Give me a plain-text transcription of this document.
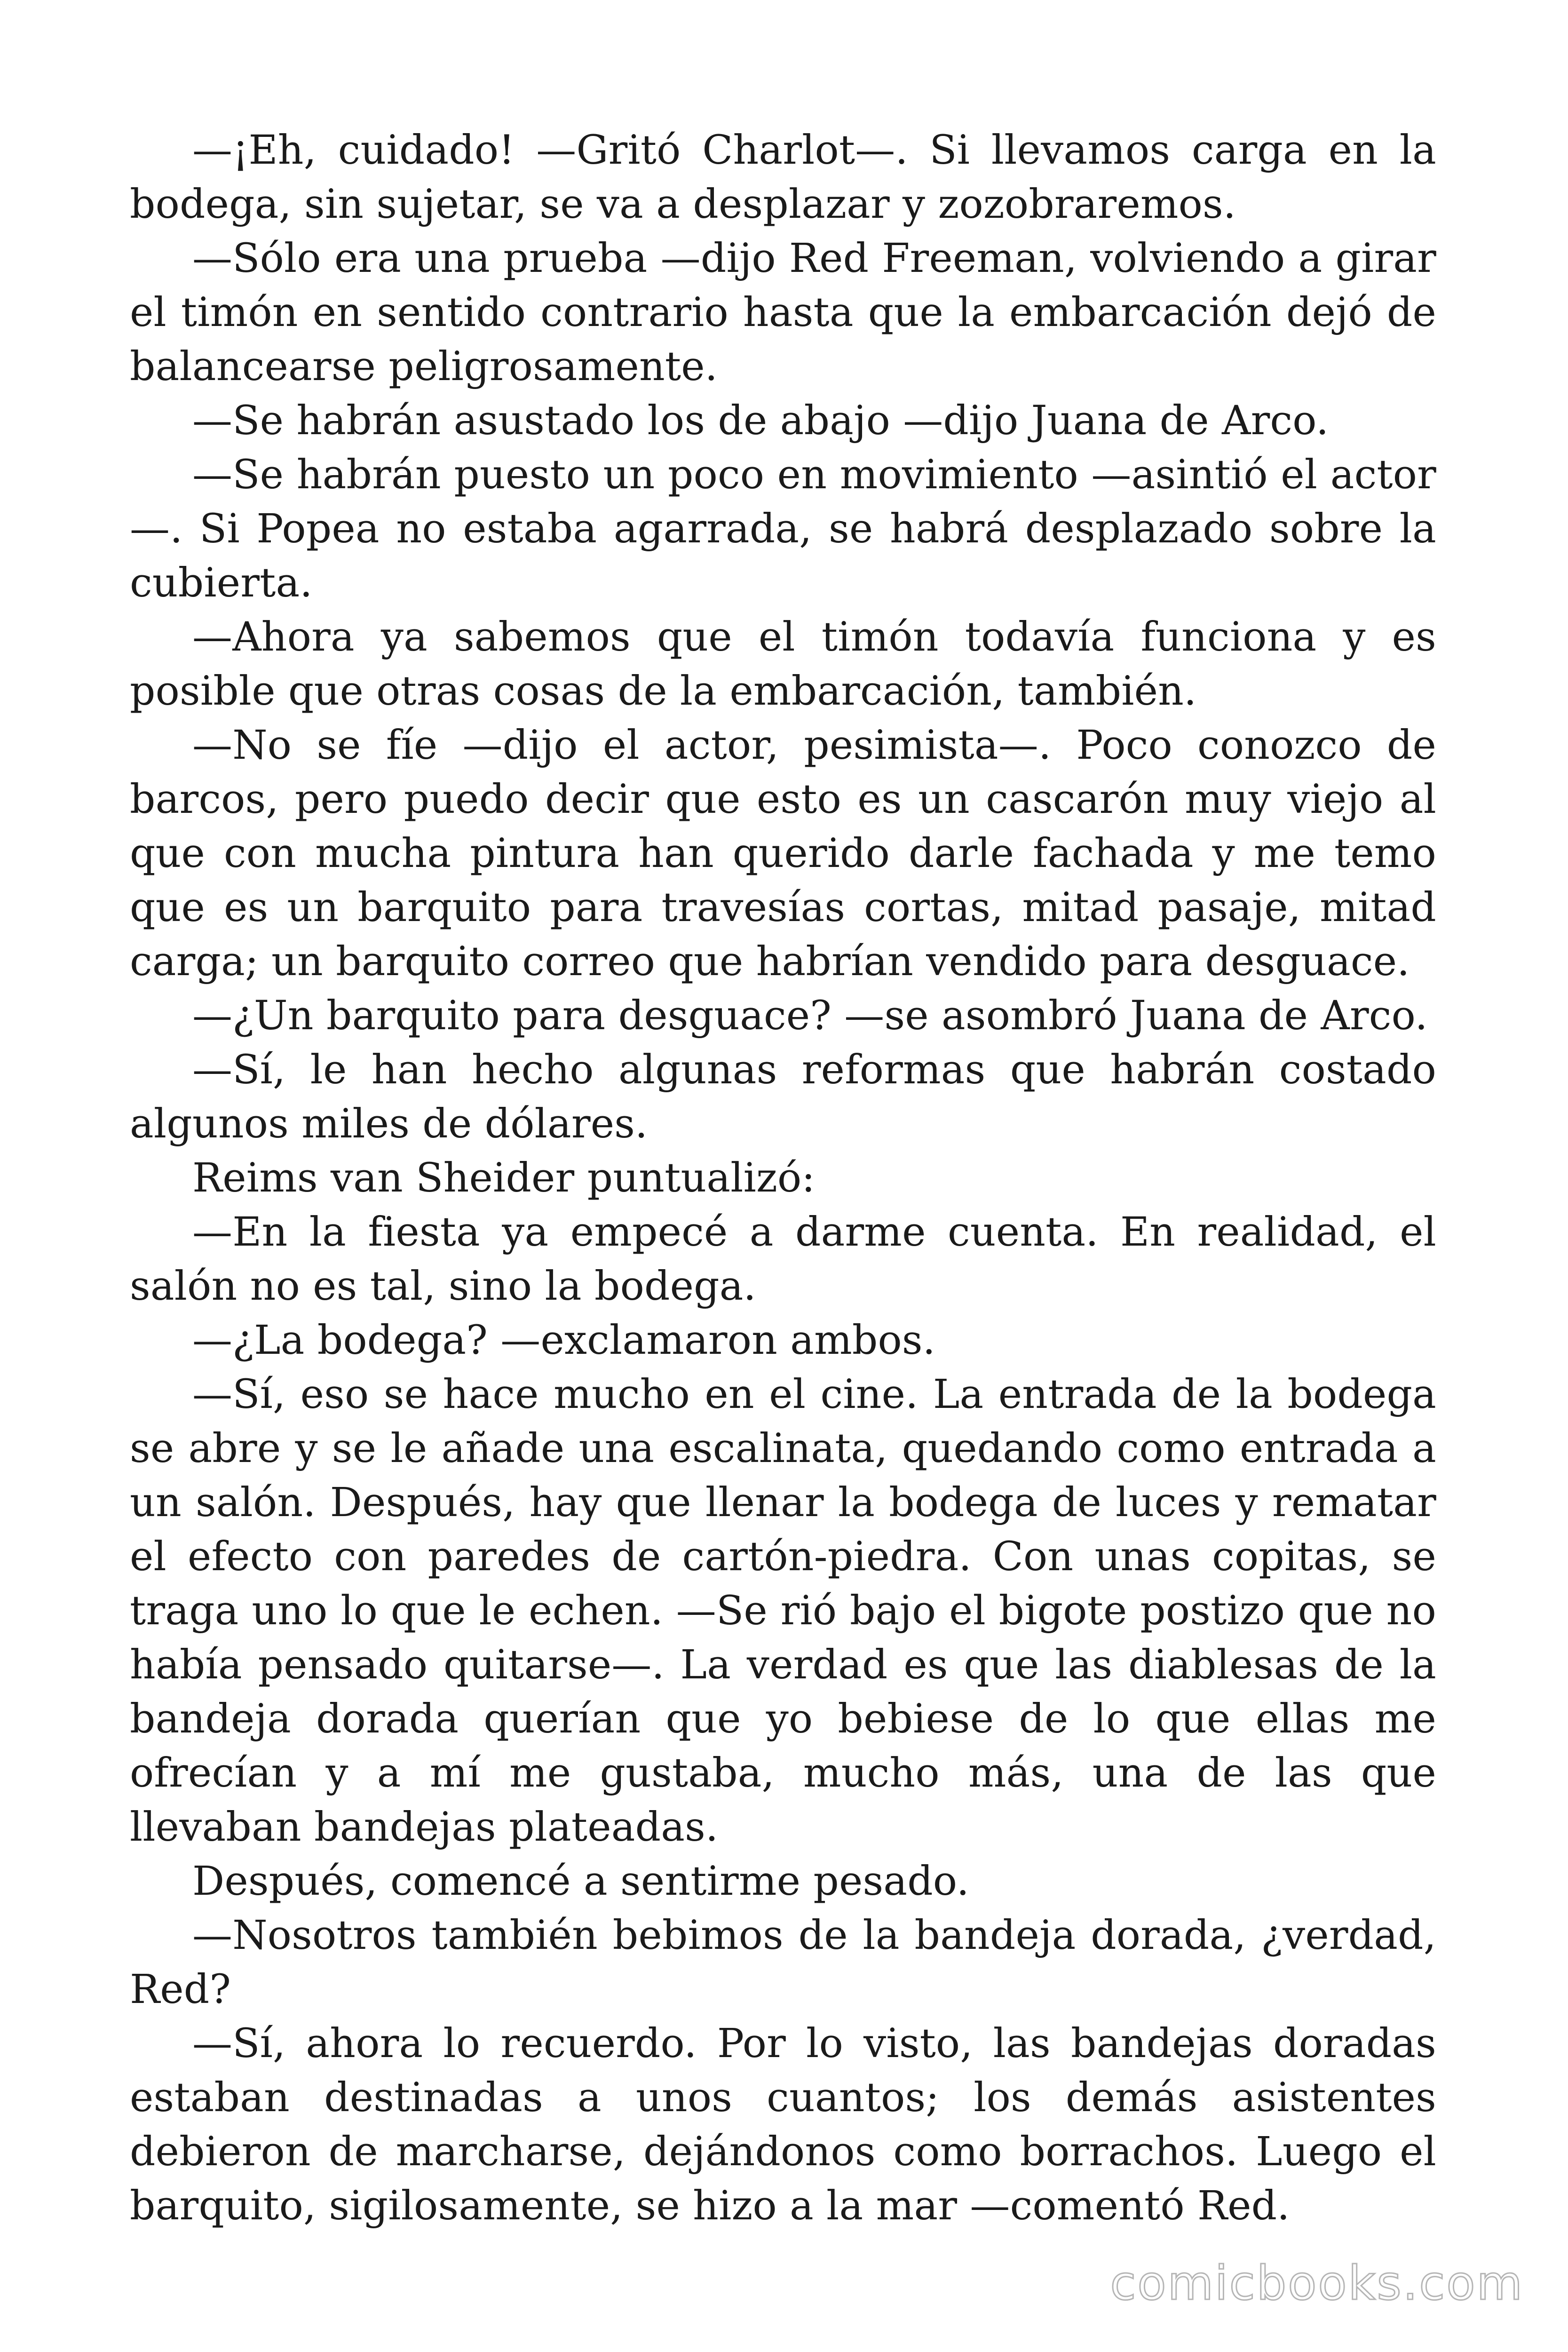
—¡Eh, cuidado! —Gritó Charlot—. Si llevamos carga en la bodega, sin sujetar, se va a desplazar y zozobraremos.

—Sólo era una prueba —dijo Red Freeman, volviendo a girar el timón en sentido contrario hasta que la embarcación dejó de balancearse peligrosamente.

—Se habrán asustado los de abajo —dijo Juana de Arco.

—Se habrán puesto un poco en movimiento —asintió el actor—. Si Popea no estaba agarrada, se habrá desplazado sobre la cubierta.

—Ahora ya sabemos que el timón todavía funciona y es posible que otras cosas de la embarcación, también.

—No se fíe —dijo el actor, pesimista—. Poco conozco de barcos, pero puedo decir que esto es un cascarón muy viejo al que con mucha pintura han querido darle fachada y me temo que es un barquito para travesías cortas, mitad pasaje, mitad carga; un barquito correo que habrían vendido para desguace.

—¿Un barquito para desguace? —se asombró Juana de Arco.

—Sí, le han hecho algunas reformas que habrán costado algunos miles de dólares.

Reims van Sheider puntualizó:

—En la fiesta ya empecé a darme cuenta. En realidad, el salón no es tal, sino la bodega.

—¿La bodega? —exclamaron ambos.

—Sí, eso se hace mucho en el cine. La entrada de la bodega se abre y se le añade una escalinata, quedando como entrada a un salón. Después, hay que llenar la bodega de luces y rematar el efecto con paredes de cartón-piedra. Con unas copitas, se traga uno lo que le echen. —Se rió bajo el bigote postizo que no había pensado quitarse—. La verdad es que las diablesas de la bandeja dorada querían que yo bebiese de lo que ellas me ofrecían y a mí me gustaba, mucho más, una de las que llevaban bandejas plateadas.

Después, comencé a sentirme pesado.

—Nosotros también bebimos de la bandeja dorada, ¿verdad, Red?

—Sí, ahora lo recuerdo. Por lo visto, las bandejas doradas estaban destinadas a unos cuantos; los demás asistentes debieron de marcharse, dejándonos como borrachos. Luego el barquito, sigilosamente, se hizo a la mar —comentó Red.

comicbooks.com
